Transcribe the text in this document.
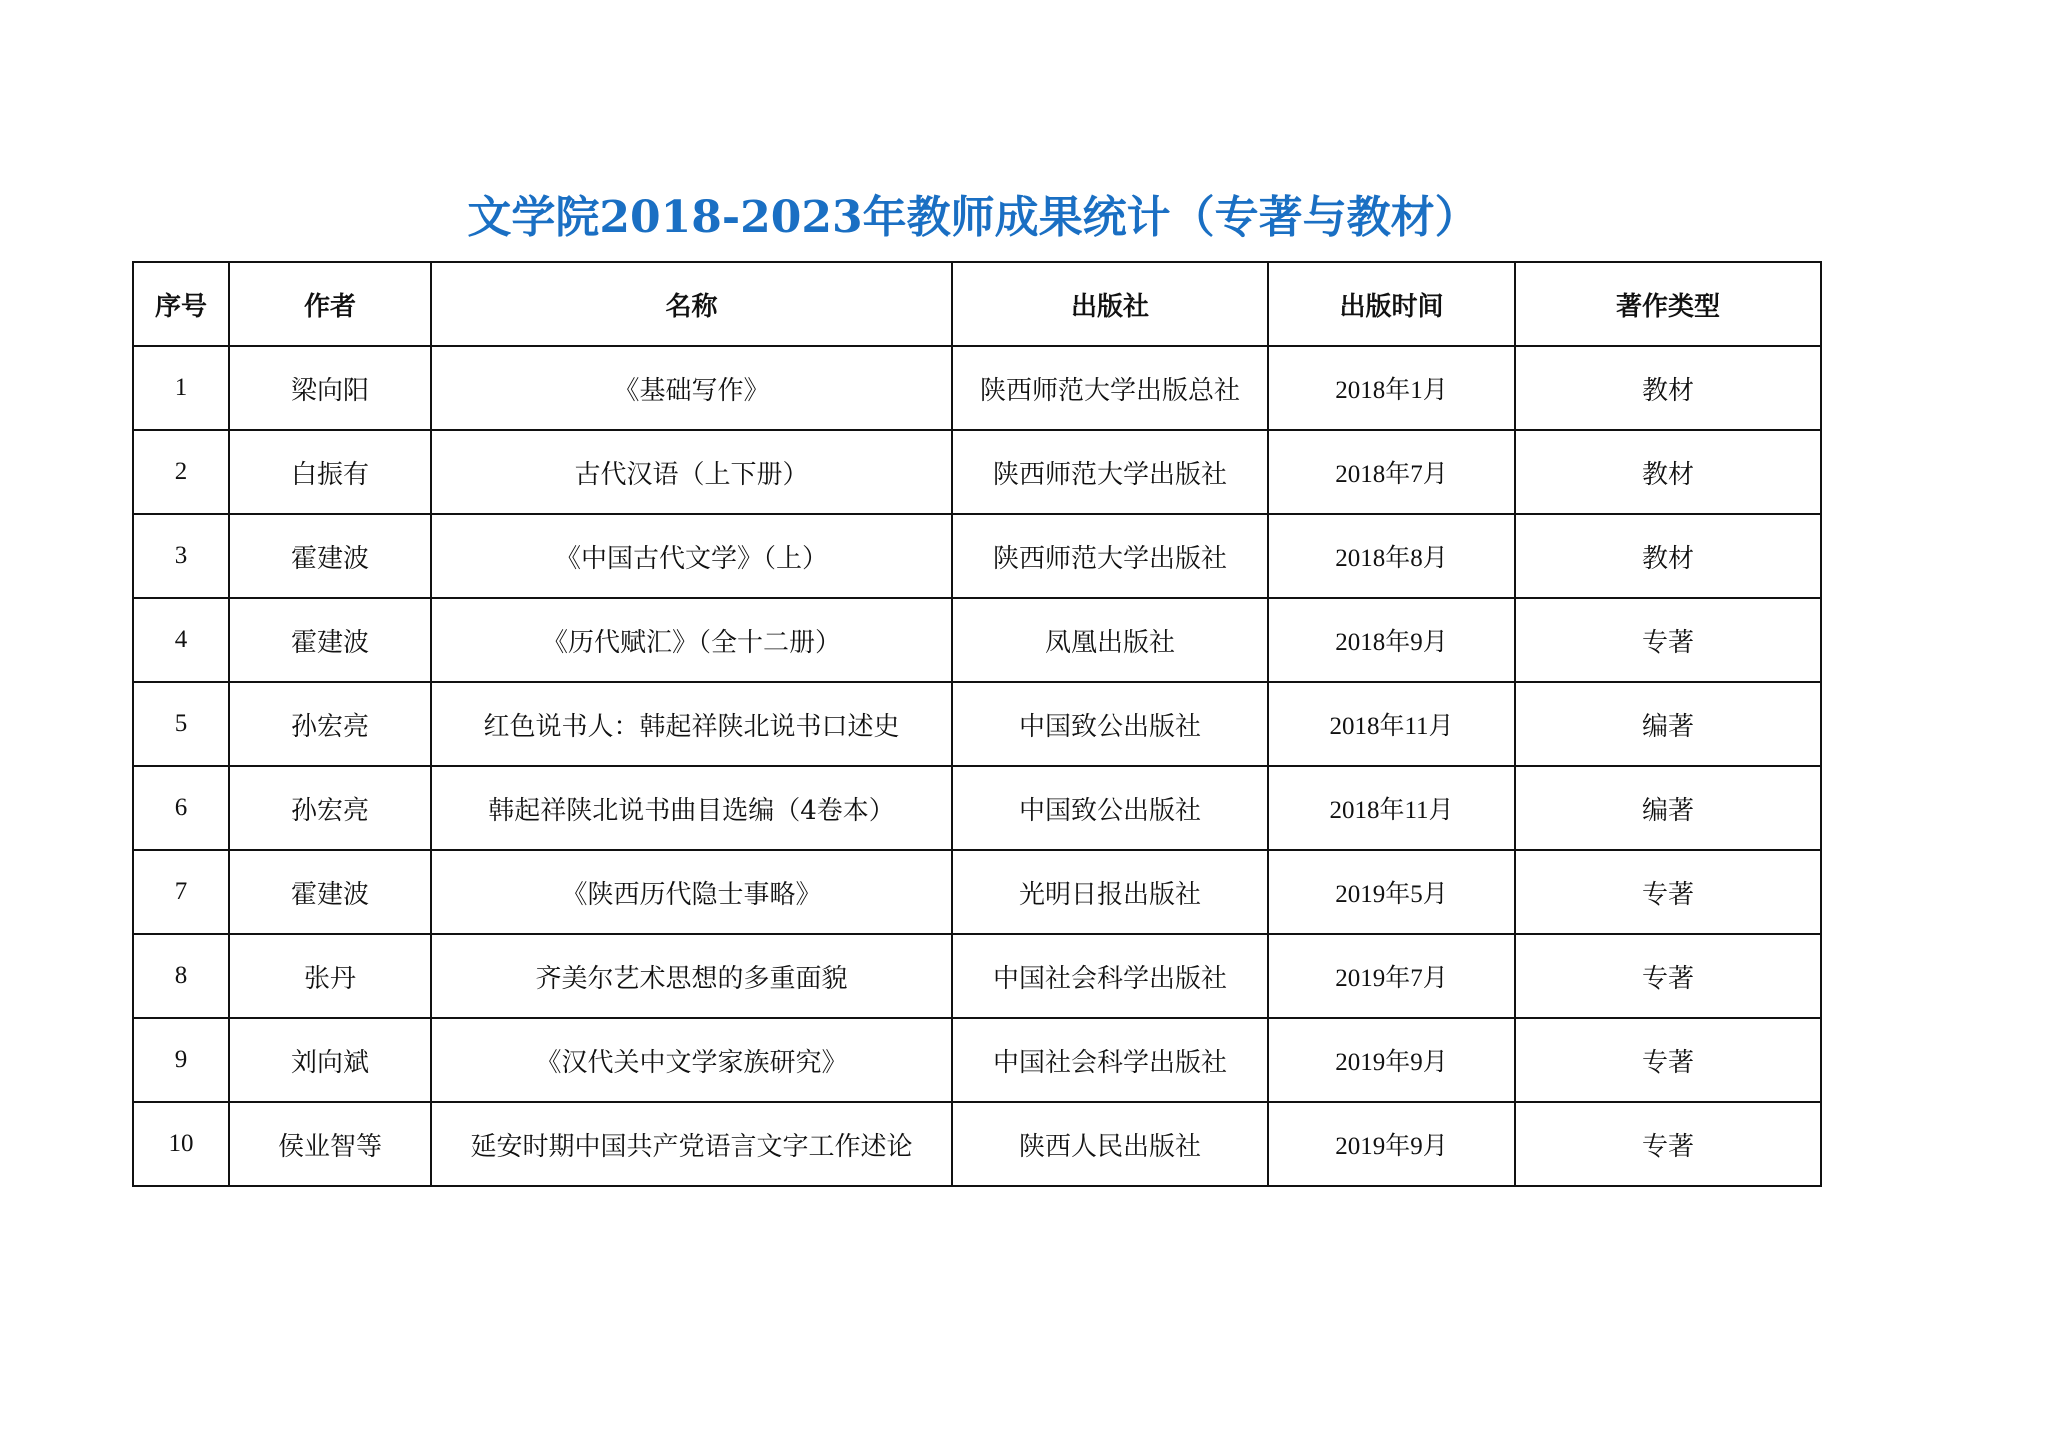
文学院2018-2023年教师成果统计（专著与教材）
序号	作者	名称	出版社	出版时间	著作类型
1	梁向阳	《基础写作》	陕西师范大学出版总社	2018年1月	教材
2	白振有	古代汉语（上下册）	陕西师范大学出版社	2018年7月	教材
3	霍建波	《中国古代文学》（上）	陕西师范大学出版社	2018年8月	教材
4	霍建波	《历代赋汇》（全十二册）	凤凰出版社	2018年9月	专著
5	孙宏亮	红色说书人：韩起祥陕北说书口述史	中国致公出版社	2018年11月	编著
6	孙宏亮	韩起祥陕北说书曲目选编（4卷本）	中国致公出版社	2018年11月	编著
7	霍建波	《陕西历代隐士事略》	光明日报出版社	2019年5月	专著
8	张丹	齐美尔艺术思想的多重面貌	中国社会科学出版社	2019年7月	专著
9	刘向斌	《汉代关中文学家族研究》	中国社会科学出版社	2019年9月	专著
10	侯业智等	延安时期中国共产党语言文字工作述论	陕西人民出版社	2019年9月	专著
